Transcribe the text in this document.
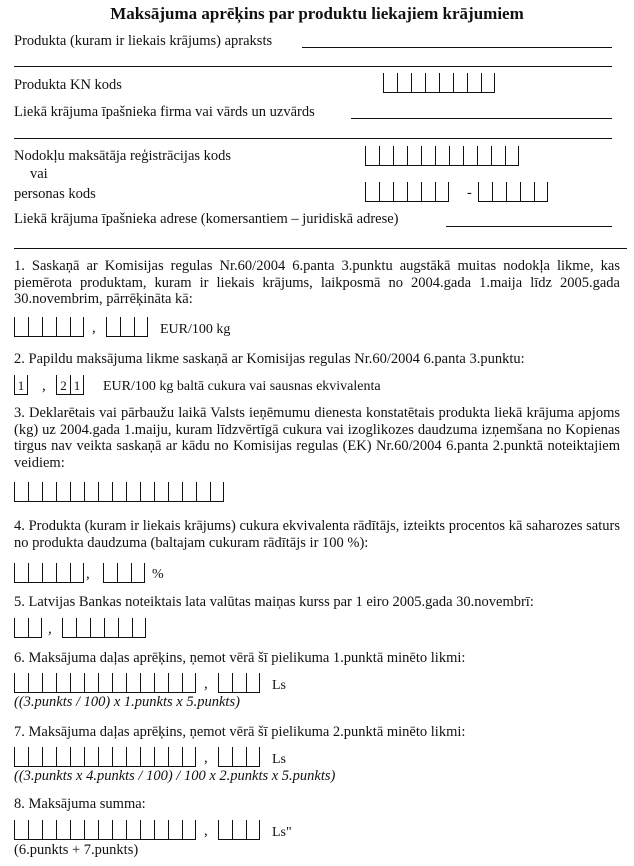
Maksājuma aprēķins par produktu liekajiem krājumiem
Produkta (kuram ir liekais krājums) apraksts
Produkta KN kods
Liekā krājuma īpašnieka firma vai vārds un uzvārds
Nodokļu maksātāja reģistrācijas kods
vai
personas kods	-
Liekā krājuma īpašnieka adrese (komersantiem – juridiskā adrese)
1. Saskaņā ar Komisijas regulas Nr.60/2004 6.panta 3.punktu augstākā muitas nodokļa likme, kas piemērota produktam, kuram ir liekais krājums, laikposmā no 2004.gada 1.maija līdz 2005.gada 30.novembrim, pārrēķināta kā:
,	EUR/100 kg
2. Papildu maksājuma likme saskaņā ar Komisijas regulas Nr.60/2004 6.panta 3.punktu:
1 ,	2 1 EUR/100 kg baltā cukura vai sausnas ekvivalenta
3. Deklarētais vai pārbaužu laikā Valsts ieņēmumu dienesta konstatētais produkta liekā krājuma apjoms (kg) uz 2004.gada 1.maiju, kuram līdzvērtīgā cukura vai izoglikozes daudzuma izņemšana no Kopienas tirgus nav veikta saskaņā ar kādu no Komisijas regulas (EK) Nr.60/2004 6.panta 2.punktā noteiktajiem veidiem:
4. Produkta (kuram ir liekais krājums) cukura ekvivalenta rādītājs, izteikts procentos kā saharozes saturs no produkta daudzuma (baltajam cukuram rādītājs ir 100 %):
,	%
5. Latvijas Bankas noteiktais lata valūtas maiņas kurss par 1 eiro 2005.gada 30.novembrī:
,
6. Maksājuma daļas aprēķins, ņemot vērā šī pielikuma 1.punktā minēto likmi:
,	Ls
((3.punkts / 100) x 1.punkts x 5.punkts)
7. Maksājuma daļas aprēķins, ņemot vērā šī pielikuma 2.punktā minēto likmi:
,	Ls
((3.punkts x 4.punkts / 100) / 100 x 2.punkts x 5.punkts)
8. Maksājuma summa:
,	Ls"
(6.punkts + 7.punkts)
